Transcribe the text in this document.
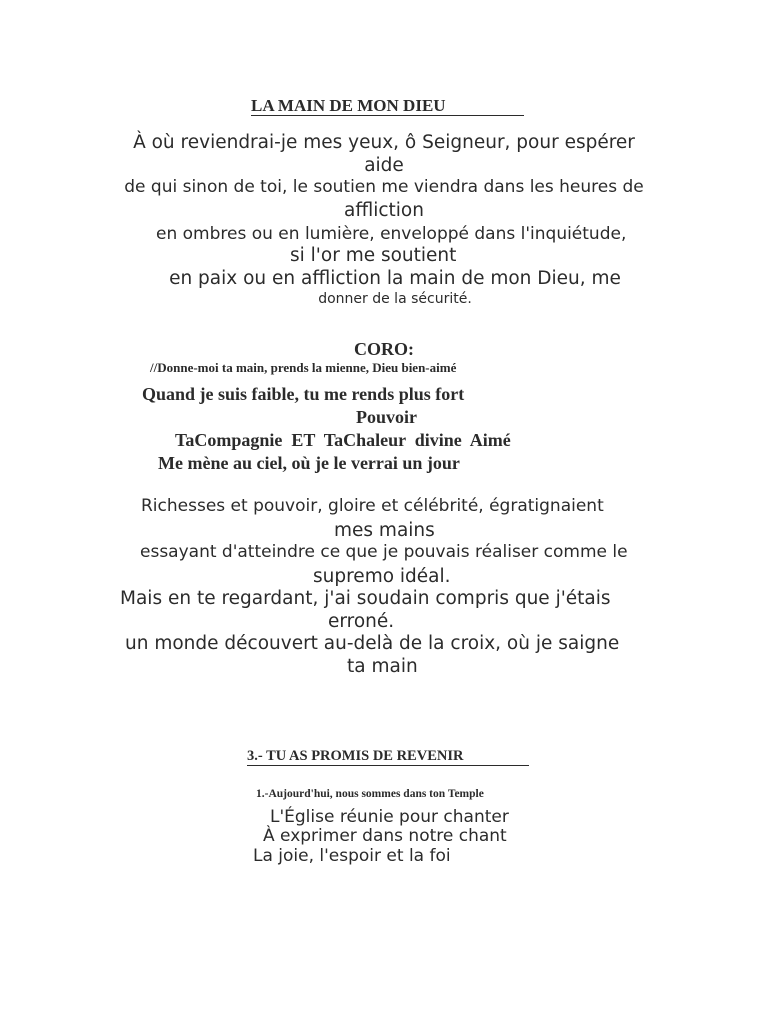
LA MAIN DE MON DIEU
À où reviendrai-je mes yeux, ô Seigneur, pour espérer
aide
de qui sinon de toi, le soutien me viendra dans les heures de
affliction
en ombres ou en lumière, enveloppé dans l'inquiétude,
si l'or me soutient
en paix ou en affliction la main de mon Dieu, me
donner de la sécurité.
CORO:
//Donne-moi ta main, prends la mienne, Dieu bien-aimé
Quand je suis faible, tu me rends plus fort
Pouvoir
TaCompagnie  ET  TaChaleur  divine  Aimé
Me mène au ciel, où je le verrai un jour
Richesses et pouvoir, gloire et célébrité, égratignaient
mes mains
essayant d'atteindre ce que je pouvais réaliser comme le
supremo idéal.
Mais en te regardant, j'ai soudain compris que j'étais
erroné.
un monde découvert au-delà de la croix, où je saigne
ta main
3.- TU AS PROMIS DE REVENIR
1.-Aujourd'hui, nous sommes dans ton Temple
L'Église réunie pour chanter
À exprimer dans notre chant
La joie, l'espoir et la foi
